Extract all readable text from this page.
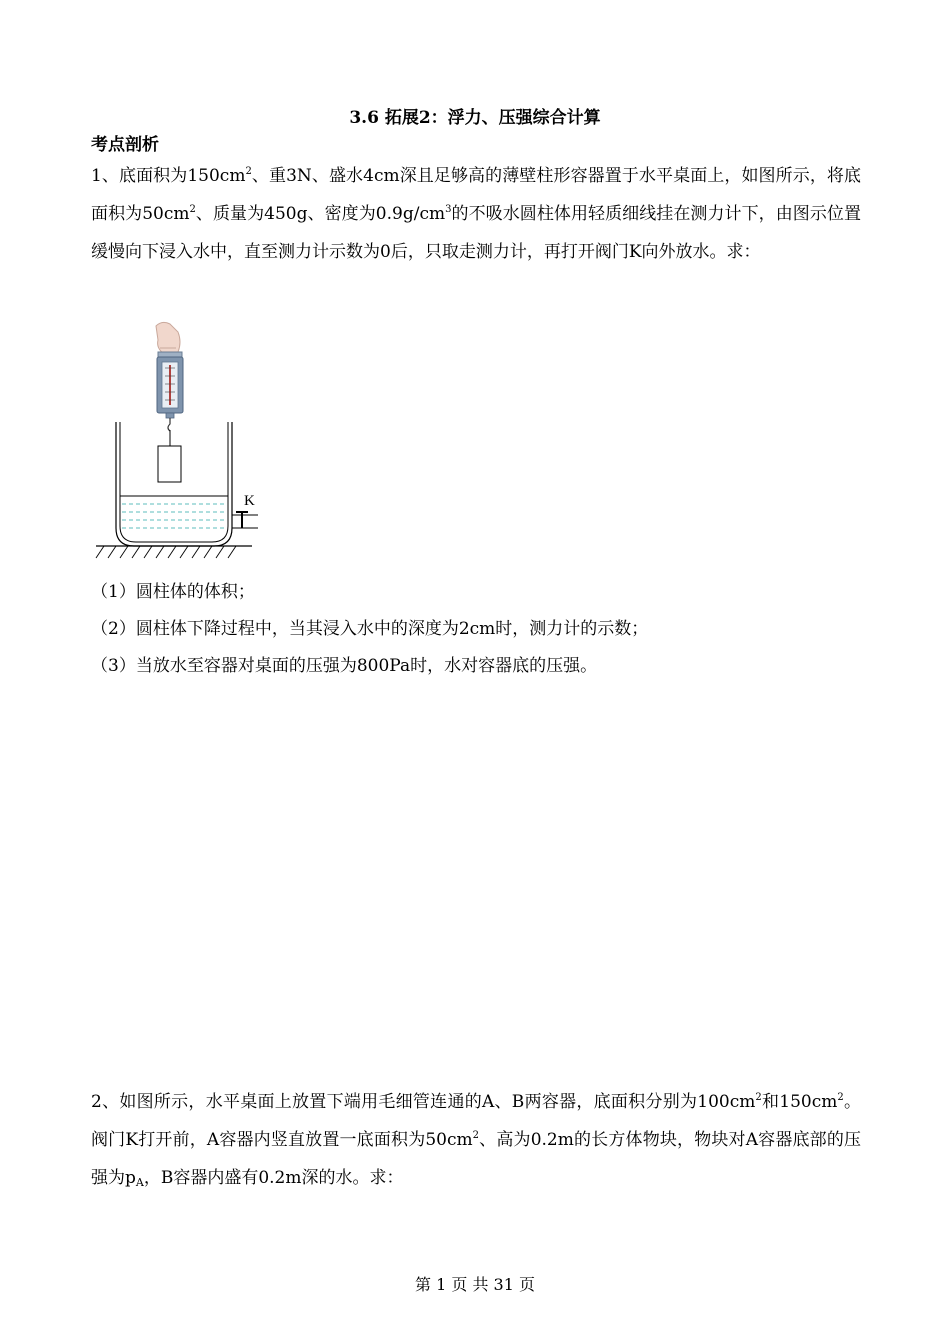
3.6 拓展2：浮力、压强综合计算
考点剖析
1、底面积为$150cm^2$、重3N、盛水4cm深且足够高的薄壁柱形容器置于水平桌面上，如图所示，将底面积为$50cm^2$、质量为450g、密度为$0.9g/cm^3$的不吸水圆柱体用轻质细线挂在测力计下，由图示位置缓慢向下浸入水中，直至测力计示数为0后，只取走测力计，再打开阀门K向外放水。求：
K
（1）圆柱体的体积；
（2）圆柱体下降过程中，当其浸入水中的深度为2cm时，测力计的示数；
（3）当放水至容器对桌面的压强为800Pa时，水对容器底的压强。
2、如图所示，水平桌面上放置下端用毛细管连通的A、B两容器，底面积分别为$100cm^2$和$150cm^2$。阀门K打开前，A容器内竖直放置一底面积为$50cm^2$、高为0.2m的长方体物块，物块对A容器底部的压强为$p_A$，B容器内盛有0.2m深的水。求：
第 1 页 共 31 页
